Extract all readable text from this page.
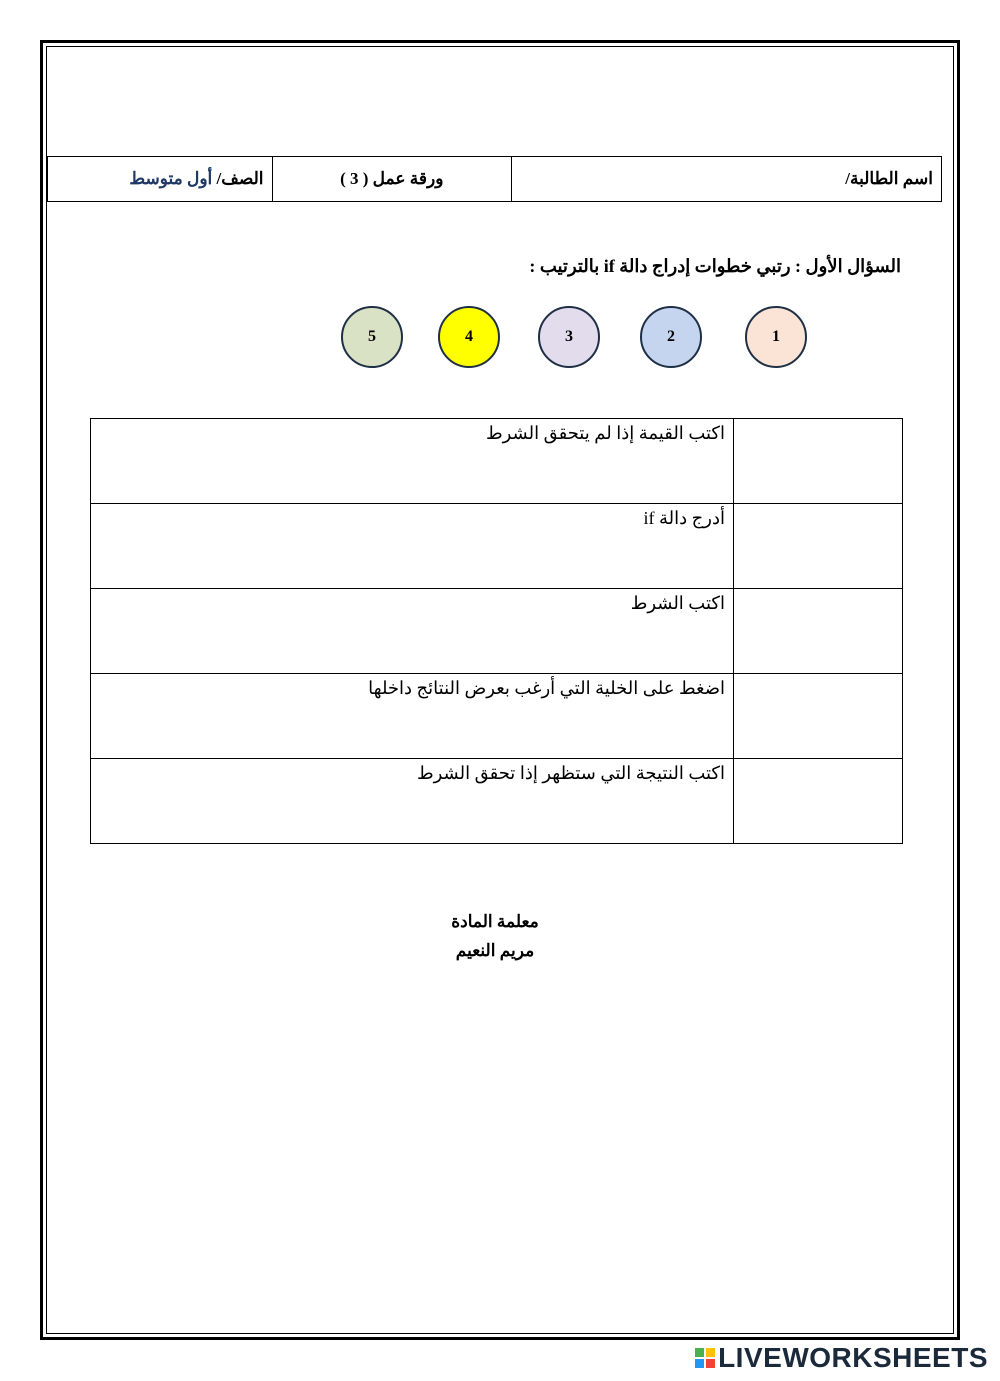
الصف/ أول متوسط	ورقة عمل ( 3 )	اسم الطالبة/
السؤال الأول : رتبي خطوات إدراج دالة if بالترتيب :
1
2
3
4
5
اكتب القيمة إذا لم يتحقق الشرط	
أدرج دالة if	
اكتب الشرط	
اضغط على الخلية التي أرغب بعرض النتائج داخلها	
اكتب النتيجة التي ستظهر إذا تحقق الشرط	
معلمة المادة
مريم النعيم
LIVEWORKSHEETS
